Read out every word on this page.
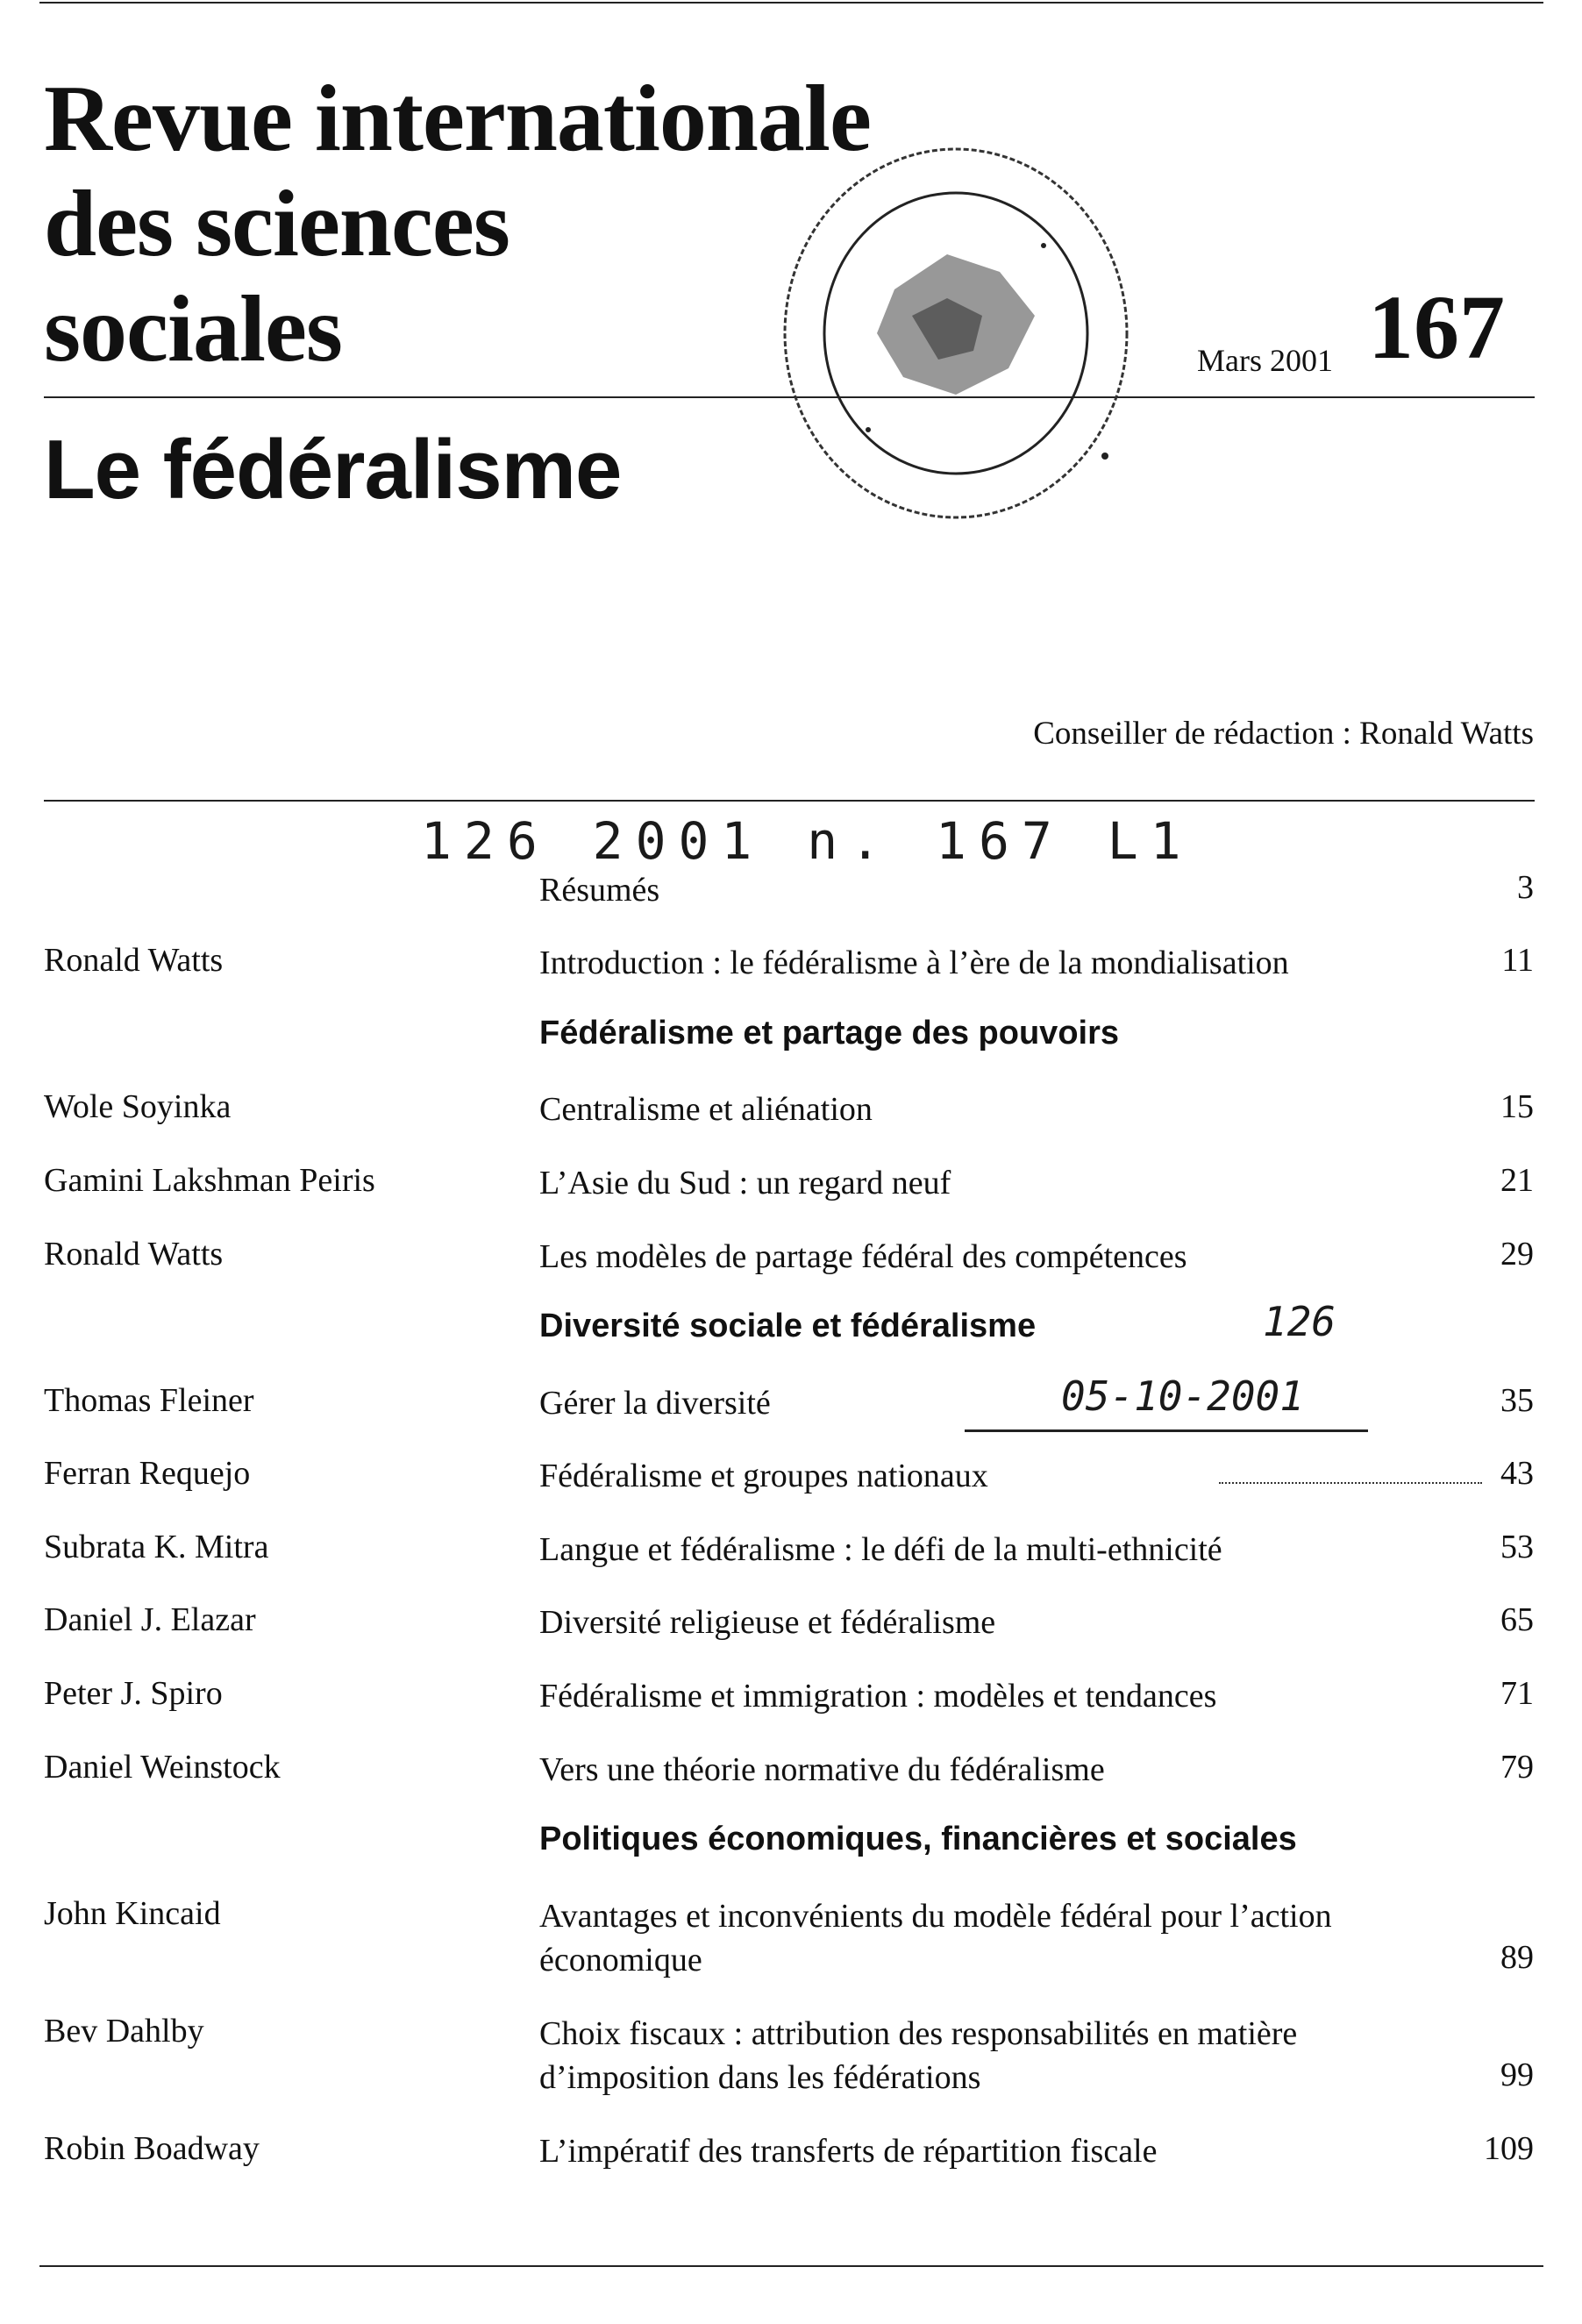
Revue internationale
des sciences
sociales	Mars 2001 167
Le fédéralisme
Conseiller de rédaction : Ronald Watts
126 2001 n. 167 L1
Résumés	3
Ronald Watts	Introduction : le fédéralisme à l’ère de la mondialisation	11
Fédéralisme et partage des pouvoirs
Wole Soyinka	Centralisme et aliénation	15
Gamini Lakshman Peiris	L’Asie du Sud : un regard neuf	21
Ronald Watts	Les modèles de partage fédéral des compétences	29
Diversité sociale et fédéralisme
Thomas Fleiner	Gérer la diversité	35
Ferran Requejo	Fédéralisme et groupes nationaux	43
Subrata K. Mitra	Langue et fédéralisme : le défi de la multi-ethnicité	53
Daniel J. Elazar	Diversité religieuse et fédéralisme	65
Peter J. Spiro	Fédéralisme et immigration : modèles et tendances	71
Daniel Weinstock	Vers une théorie normative du fédéralisme	79
Politiques économiques, financières et sociales
John Kincaid	Avantages et inconvénients du modèle fédéral pour l’action économique	89
Bev Dahlby	Choix fiscaux : attribution des responsabilités en matière d’imposition dans les fédérations	99
Robin Boadway	L’impératif des transferts de répartition fiscale	109
126
05-10-2001
